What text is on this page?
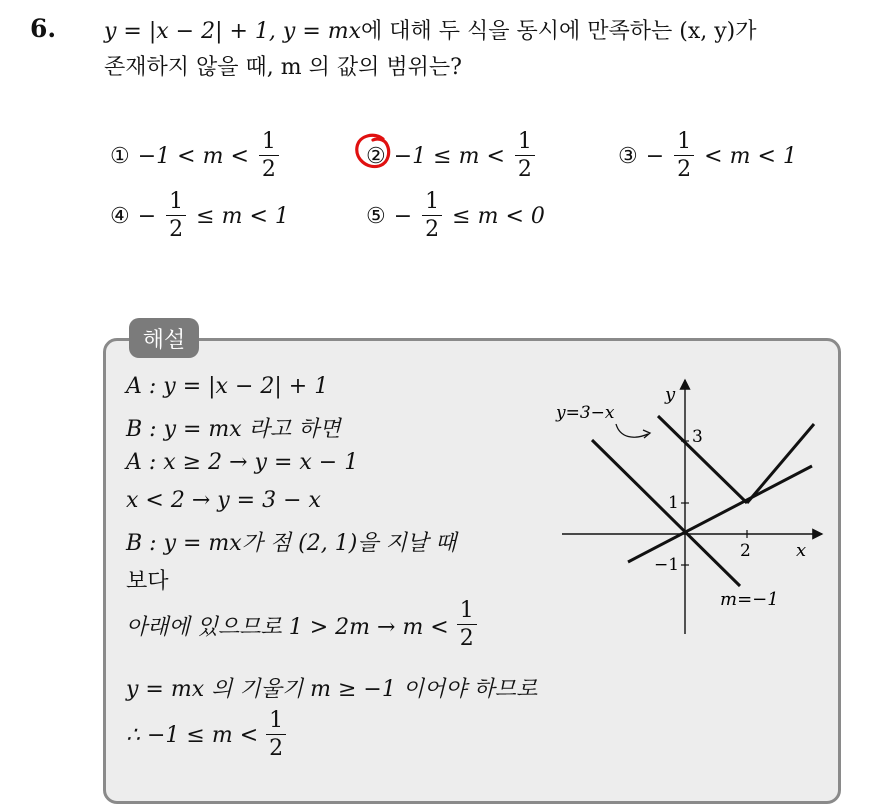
6. y = |x − 2| + 1, y = mx에 대해 두 식을 동시에 만족하는 (x, y)가
존재하지 않을 때, m 의 값의 범위는?
① $-1 < m < \frac{1}{2}$	② $-1 \le m < \frac{1}{2}$	③ − $\frac{1}{2} < m < 1$
④ − $\frac{1}{2} \le m < 1$	⑤ − $\frac{1}{2} \le m < 0$
해설
A : y = |x − 2| + 1
B : y = mx 라고 하면
A : x ≥ 2 → y = x − 1
x < 2 → y = 3 − x
B : y = mx가 점 (2, 1)을 지날 때
보다
아래에 있으므로 $1 > 2m \to m < \frac{1}{2}$
y = mx 의 기울기 m ≥ −1 이어야 하므로
∴ $-1 \le m < \frac{1}{2}$
y=3−x
y
x
3
1
−1
2
m=−1
